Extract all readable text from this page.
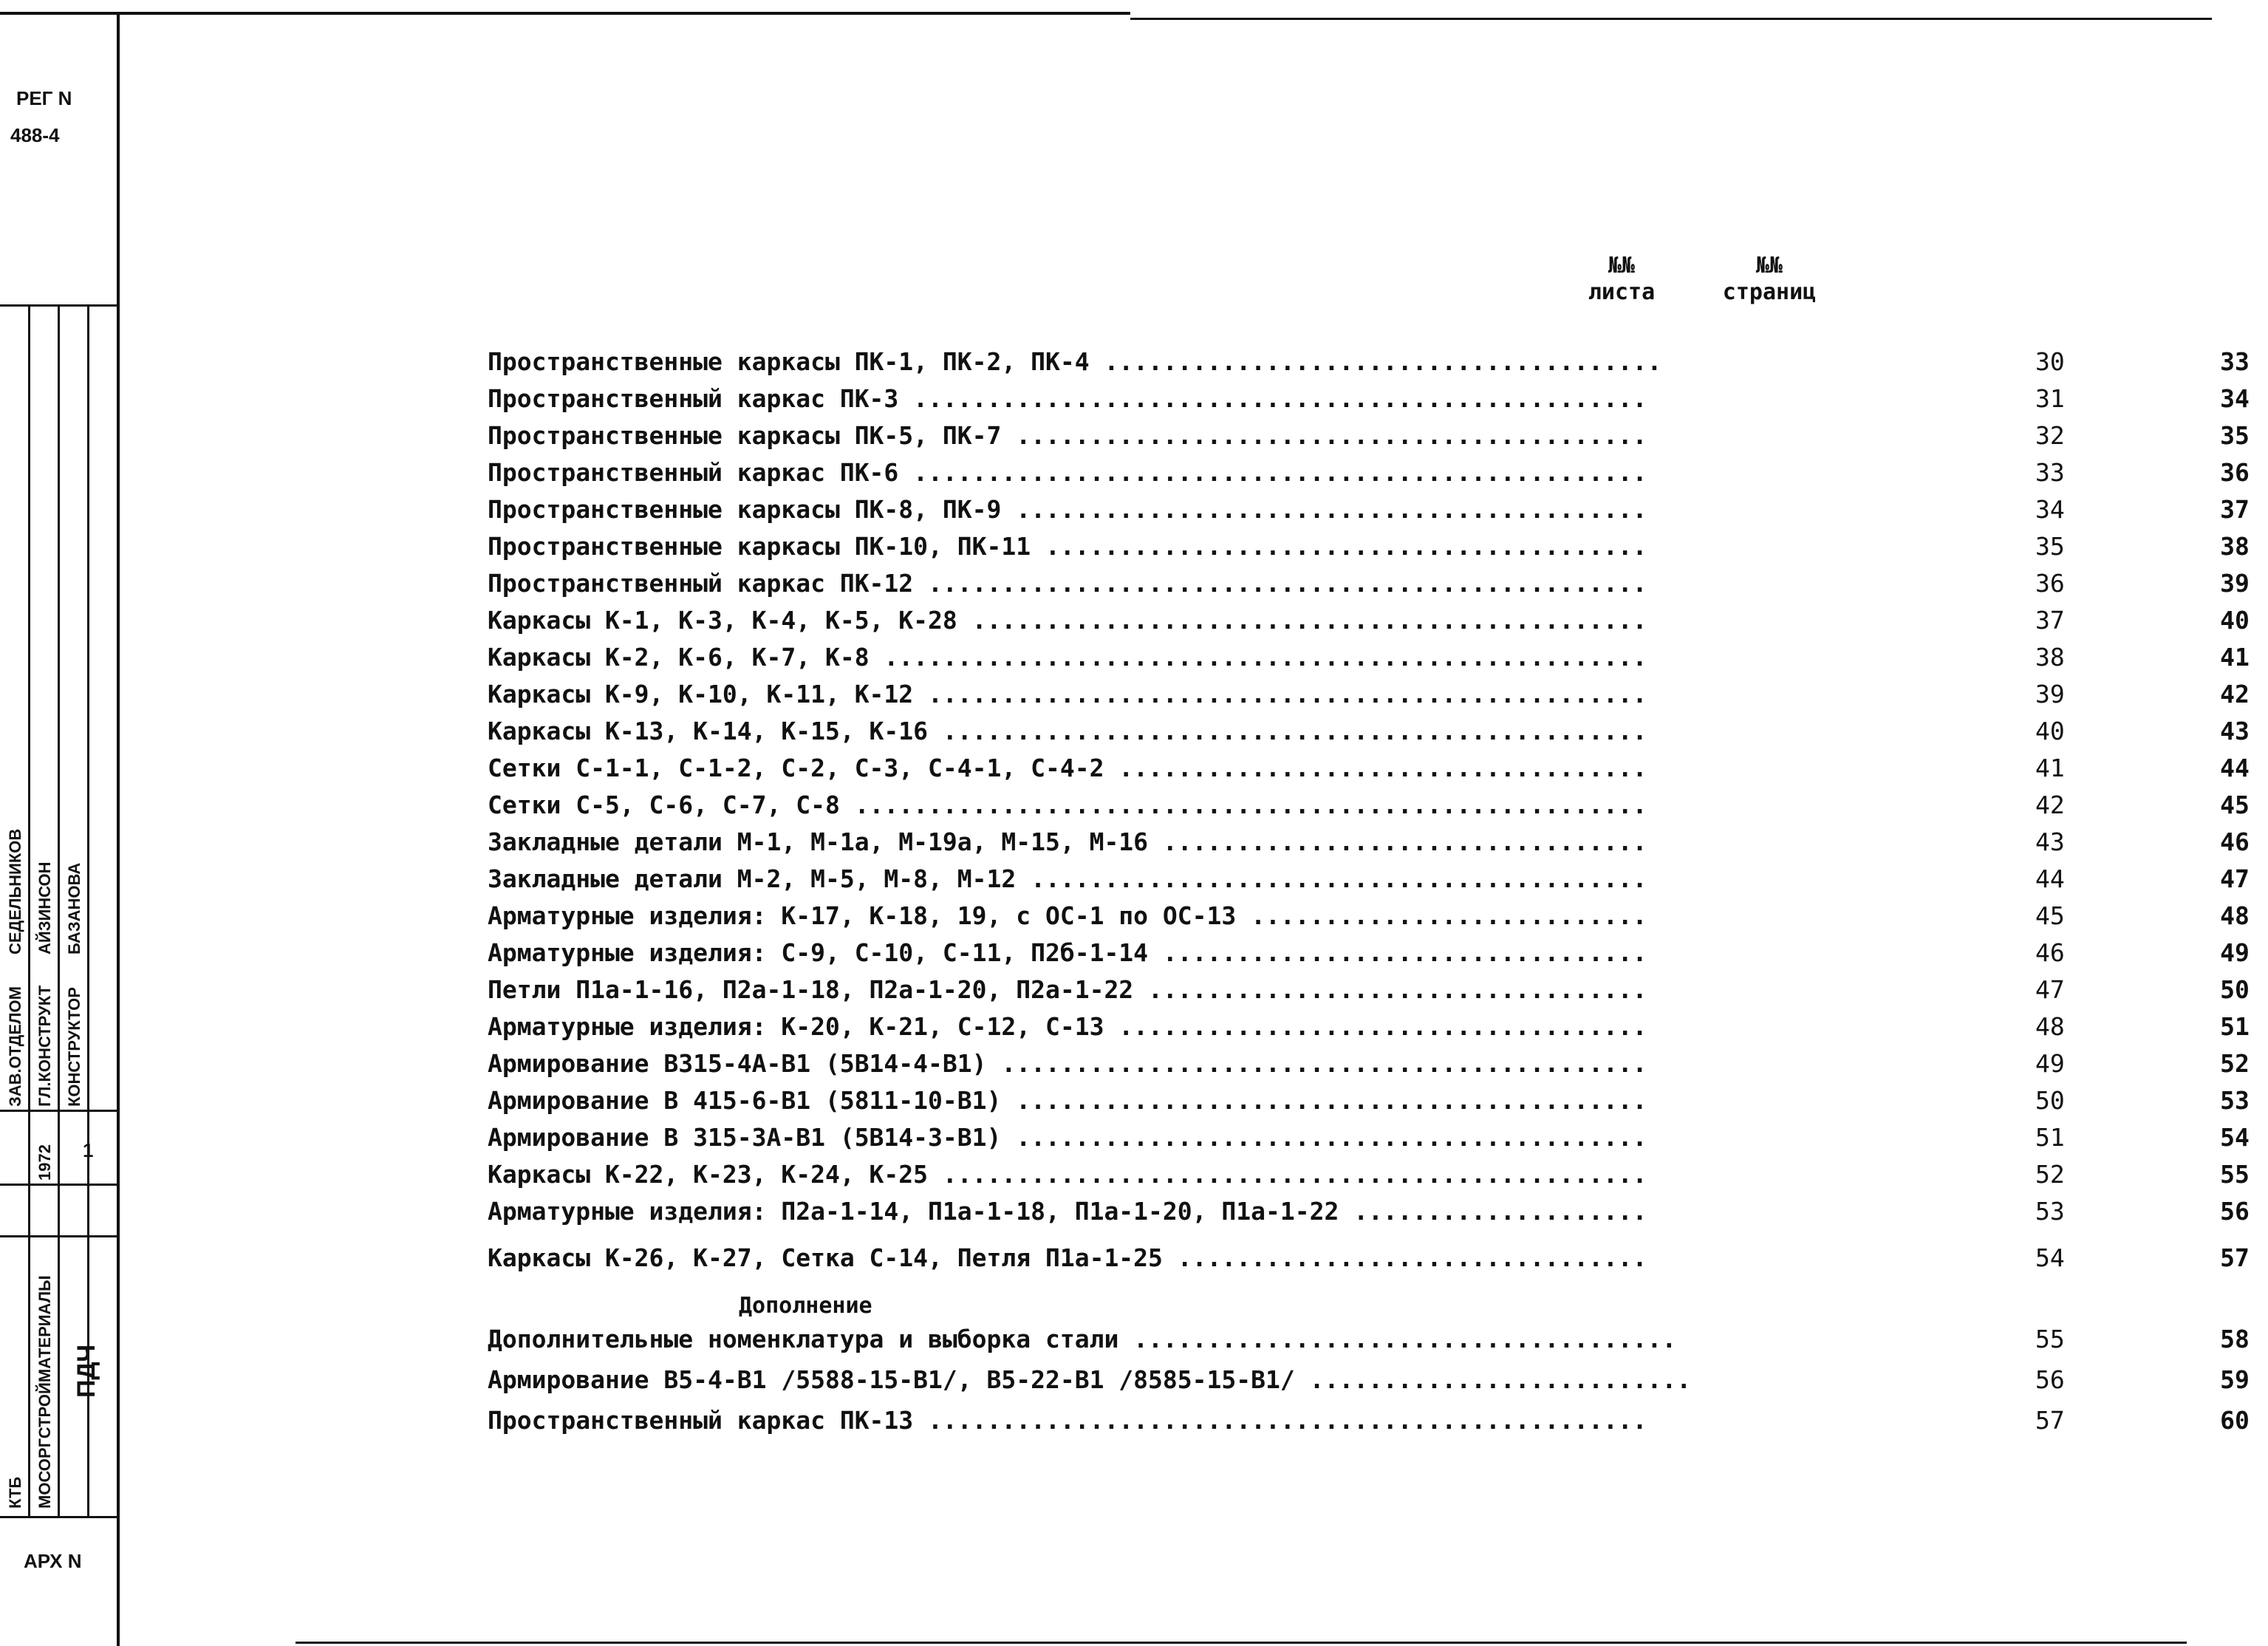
РЕГ N
488-4
ЗАВ.ОТДЕЛОМ ГЛ.КОНСТРУКТ КОНСТРУКТОР
СЕДЕЛЬНИКОВ АЙЗИНСОН БАЗАНОВА
1972 1
КТБ МОСОРГСТРОЙМАТЕРИАЛЫ ПДЧ
АРХ N
№№
листа
№№
страниц
Пространственные каркасы ПК-1, ПК-2, ПК-4 ......................................	30	33
Пространственный каркас ПК-3 ..................................................	31	34
Пространственные каркасы ПК-5, ПК-7 ...........................................	32	35
Пространственный каркас ПК-6 ..................................................	33	36
Пространственные каркасы ПК-8, ПК-9 ...........................................	34	37
Пространственные каркасы ПК-10, ПК-11 .........................................	35	38
Пространственный каркас ПК-12 .................................................	36	39
Каркасы К-1, К-3, К-4, К-5, К-28 ..............................................	37	40
Каркасы К-2, К-6, К-7, К-8 ....................................................	38	41
Каркасы К-9, К-10, К-11, К-12 .................................................	39	42
Каркасы К-13, К-14, К-15, К-16 ................................................	40	43
Сетки С-1-1, С-1-2, С-2, С-3, С-4-1, С-4-2 ....................................	41	44
Сетки С-5, С-6, С-7, С-8 ......................................................	42	45
Закладные детали М-1, М-1а, М-19а, М-15, М-16 .................................	43	46
Закладные детали М-2, М-5, М-8, М-12 ..........................................	44	47
Арматурные изделия: К-17, К-18, 19, с ОС-1 по ОС-13 ...........................	45	48
Арматурные изделия: С-9, С-10, С-11, П2б-1-14 .................................	46	49
Петли П1а-1-16, П2а-1-18, П2а-1-20, П2а-1-22 ..................................	47	50
Арматурные изделия: К-20, К-21, С-12, С-13 ....................................	48	51
Армирование В315-4А-В1 (5В14-4-В1) ............................................	49	52
Армирование В 415-6-В1 (5811-10-В1) ...........................................	50	53
Армирование В 315-3А-В1 (5В14-3-В1) ...........................................	51	54
Каркасы К-22, К-23, К-24, К-25 ................................................	52	55
Арматурные изделия: П2а-1-14, П1а-1-18, П1а-1-20, П1а-1-22 ....................	53	56
Каркасы К-26, К-27, Сетка С-14, Петля П1а-1-25 ................................	54	57
Дополнение
Дополнительные номенклатура и выборка стали .....................................	55	58
Армирование В5-4-В1 /5588-15-В1/, В5-22-В1 /8585-15-В1/ ..........................	56	59
Пространственный каркас ПК-13 .................................................	57	60
